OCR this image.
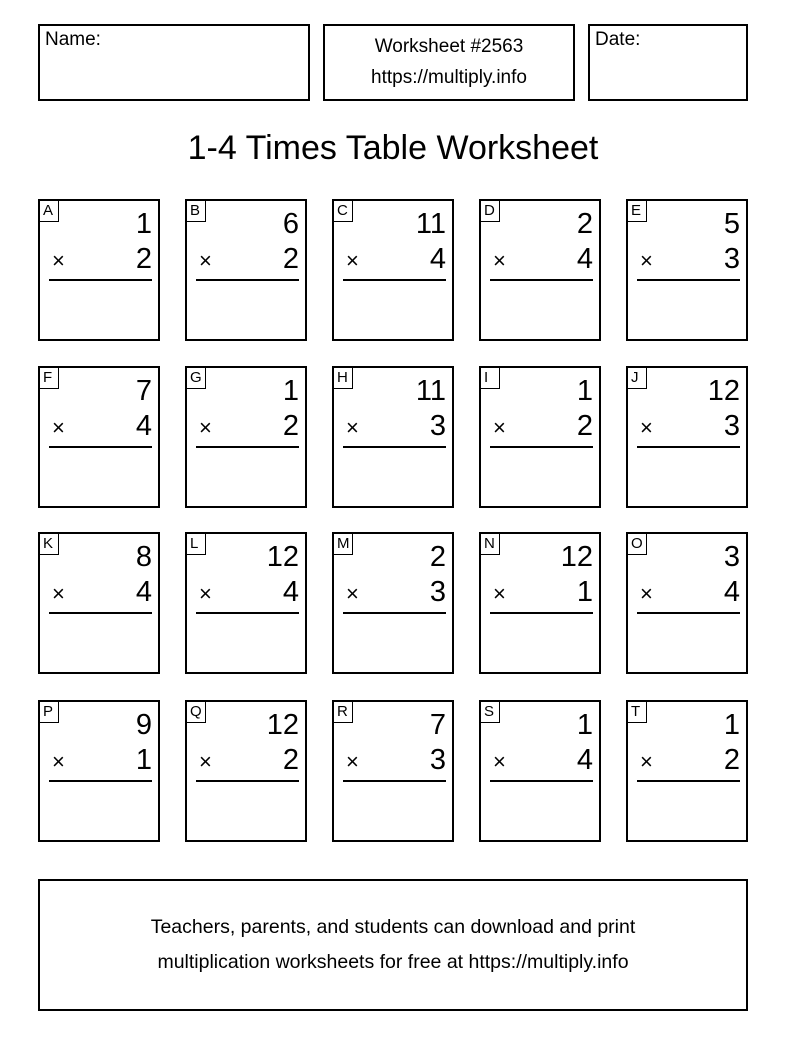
Name:	Worksheet #2563
https://multiply.info
Date:
1-4 Times Table Worksheet
A	1
× 2
B	6
× 2
C 11
× 4
D	2
× 4
E	5
× 3
F	7
× 4
G	1
× 2
H 11
× 3
I	1
× 2
J 12
× 3
K	8
× 4
L 12
× 4
M	2
× 3
N 12
× 1
O	3
× 4
P	9
× 1
Q 12
× 2
R	7
× 3
S	1
× 4
T	1
× 2
Teachers, parents, and students can download and print
multiplication worksheets for free at https://multiply.info
